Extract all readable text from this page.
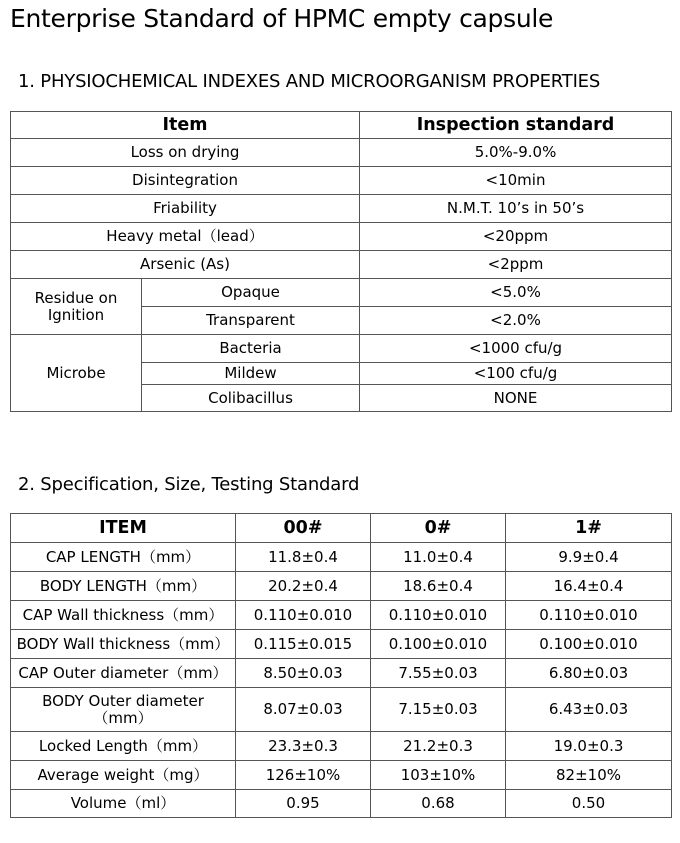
Enterprise Standard of HPMC empty capsule
1. PHYSIOCHEMICAL INDEXES AND MICROORGANISM PROPERTIES
Item		Inspection standard
Loss on drying		5.0%-9.0%
Disintegration		<10min
Friability		N.M.T. 10’s in 50’s
Heavy metal（lead）		<20ppm
Arsenic (As)		<2ppm
Residue on Ignition	Opaque	<5.0%
	Transparent	<2.0%
Microbe	Bacteria	<1000 cfu/g
	Mildew	<100 cfu/g
	Colibacillus	NONE
2. Specification, Size, Testing Standard
ITEM	00#	0#	1#
CAP LENGTH（mm）	11.8±0.4	11.0±0.4	9.9±0.4
BODY LENGTH（mm）	20.2±0.4	18.6±0.4	16.4±0.4
CAP Wall thickness（mm）	0.110±0.010	0.110±0.010	0.110±0.010
BODY Wall thickness（mm）	0.115±0.015	0.100±0.010	0.100±0.010
CAP Outer diameter（mm）	8.50±0.03	7.55±0.03	6.80±0.03
BODY Outer diameter（mm）	8.07±0.03	7.15±0.03	6.43±0.03
Locked Length（mm）	23.3±0.3	21.2±0.3	19.0±0.3
Average weight（mg）	126±10%	103±10%	82±10%
Volume（ml）	0.95	0.68	0.50
